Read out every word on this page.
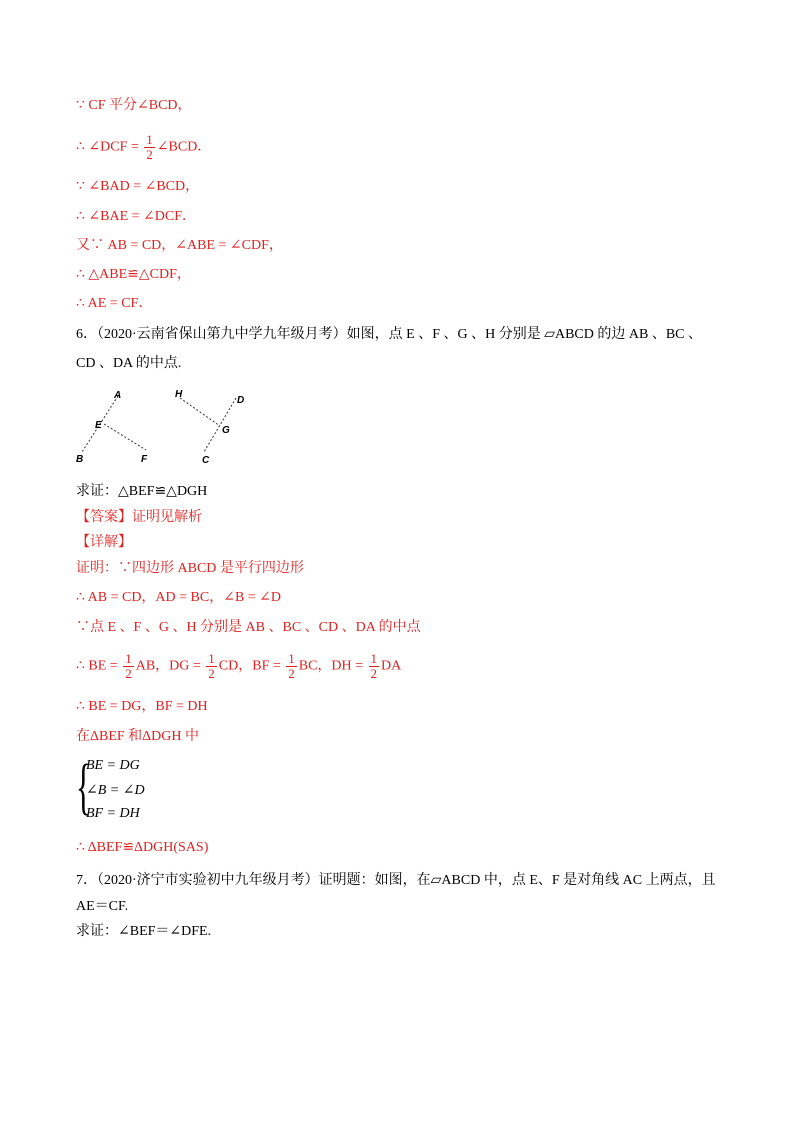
∵ CF 平分∠BCD，
∴ ∠DCF = $\frac{1}{2}$ ∠BCD．
∵ ∠BAD = ∠BCD，
∴ ∠BAE = ∠DCF．
又∵ AB = CD，∠ABE = ∠CDF，
∴ △ABE≌△CDF，
∴ AE = CF．
6．（2020·云南省保山第九中学九年级月考）如图，点 E 、F 、G 、H 分别是 ▱ABCD 的边 AB 、BC 、
CD 、DA 的中点.
A
E
B	F
H
D
G
C
求证：△BEF≌△DGH
【答案】证明见解析
【详解】
证明：∵四边形 ABCD 是平行四边形
∴ AB = CD，AD = BC，∠B = ∠D
∵点 E 、F 、G 、H 分别是 AB 、BC 、CD 、DA 的中点
∴ BE = $\frac{1}{2}$ AB，DG = $\frac{1}{2}$ CD，BF = $\frac{1}{2}$ BC，DH = $\frac{1}{2}$ DA
∴ BE = DG，BF = DH
在ΔBEF 和ΔDGH 中
{
BE = DG
∠B = ∠D
BF = DH
∴ ΔBEF≌ΔDGH(SAS)
7．（2020·济宁市实验初中九年级月考）证明题：如图，在▱ABCD 中，点 E、F 是对角线 AC 上两点，且
AE＝CF.
求证：∠BEF＝∠DFE.
